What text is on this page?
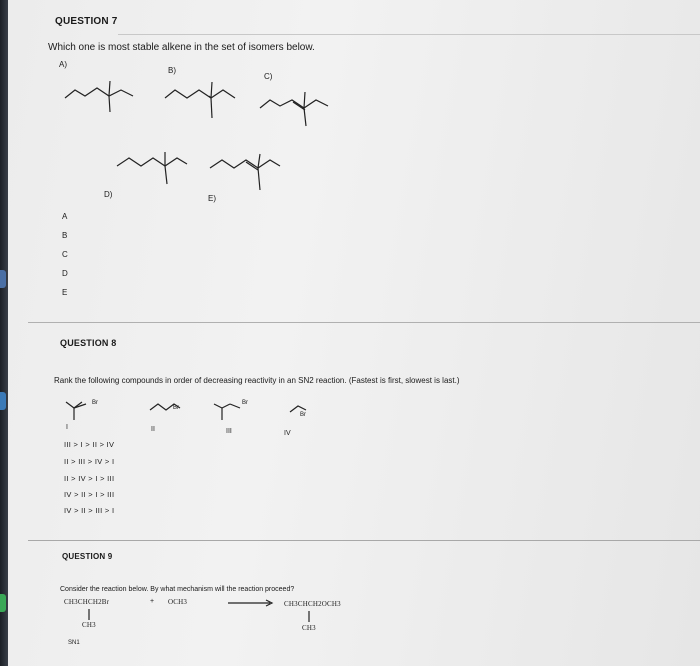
QUESTION 7
Which one is most stable alkene in the set of isomers below.
A)
B)
C)
D)	E)
A
B
C
D
E
QUESTION 8
Rank the following compounds in order of decreasing reactivity in an SN2 reaction. (Fastest is first, slowest is last.)
Br
Br
Br
Br
I	II	III	IV
III > I > II > IV
II > III > IV > I
II > IV > I > III
IV > II > I > III
IV > II > III > I
QUESTION 9
Consider the reaction below. By what mechanism will the reaction proceed?
CH3CHCH2Br	+ OCH3 → CH3CHCH2OCH3
CH3	CH3
SN1
